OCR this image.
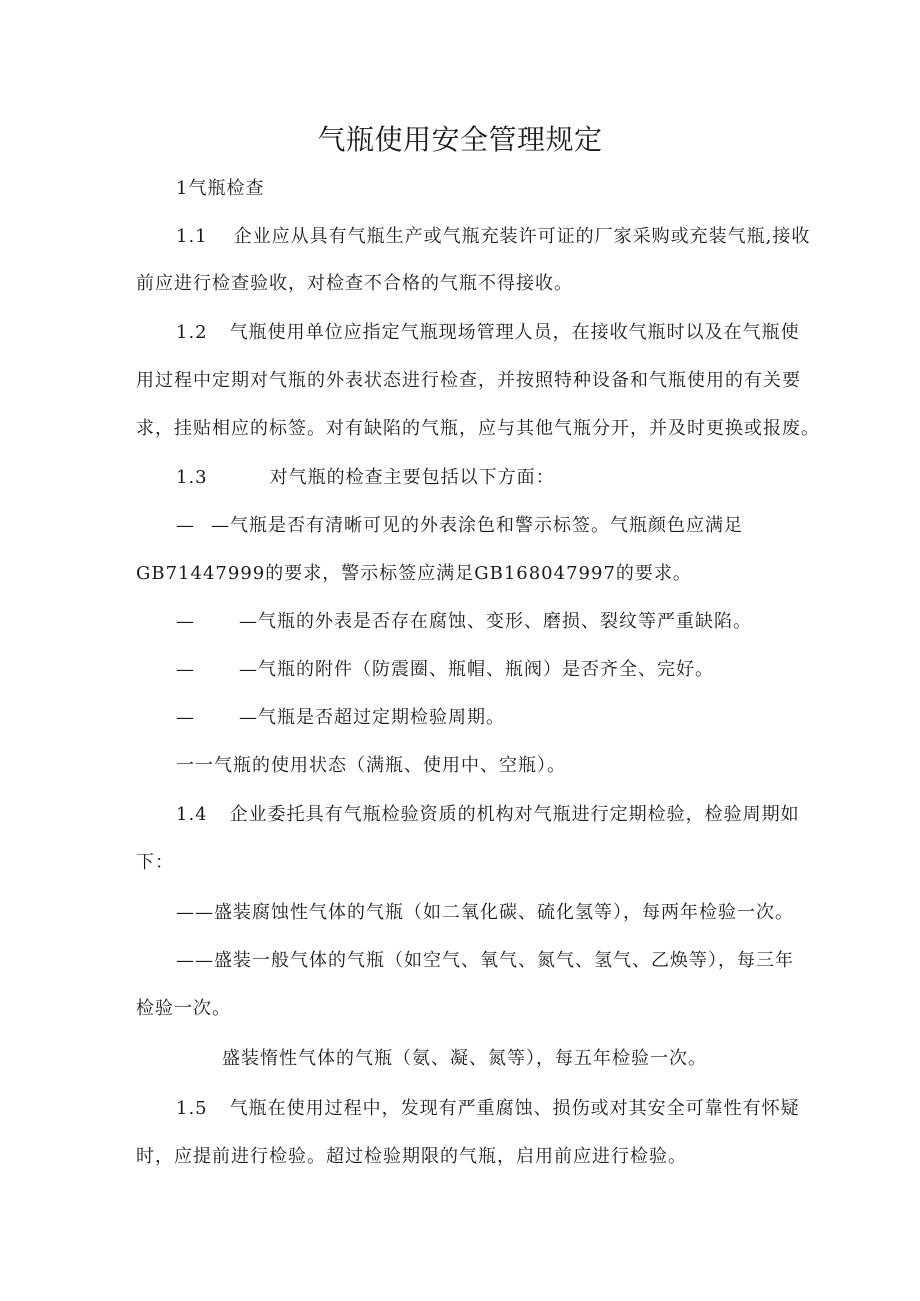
气瓶使用安全管理规定
1气瓶检查
1.1 企业应从具有气瓶生产或气瓶充装许可证的厂家采购或充装气瓶,接收
前应进行检查验收，对检查不合格的气瓶不得接收。
1.2 气瓶使用单位应指定气瓶现场管理人员，在接收气瓶时以及在气瓶使
用过程中定期对气瓶的外表状态进行检查，并按照特种设备和气瓶使用的有关要
求，挂贴相应的标签。对有缺陷的气瓶，应与其他气瓶分开，并及时更换或报废。
1.3	对气瓶的检查主要包括以下方面：
— —气瓶是否有清晰可见的外表涂色和警示标签。气瓶颜色应满足
GB71447999的要求，警示标签应满足GB168047997的要求。
— —气瓶的外表是否存在腐蚀、变形、磨损、裂纹等严重缺陷。
— —气瓶的附件（防震圈、瓶帽、瓶阀）是否齐全、完好。
— —气瓶是否超过定期检验周期。
一一气瓶的使用状态（满瓶、使用中、空瓶）。
1.4 企业委托具有气瓶检验资质的机构对气瓶进行定期检验，检验周期如
下：
——盛装腐蚀性气体的气瓶（如二氧化碳、硫化氢等），每两年检验一次。
——盛装一般气体的气瓶（如空气、氧气、氮气、氢气、乙焕等），每三年
检验一次。
盛装惰性气体的气瓶（氨、凝、氮等），每五年检验一次。
1.5 气瓶在使用过程中，发现有严重腐蚀、损伤或对其安全可靠性有怀疑
时，应提前进行检验。超过检验期限的气瓶，启用前应进行检验。
